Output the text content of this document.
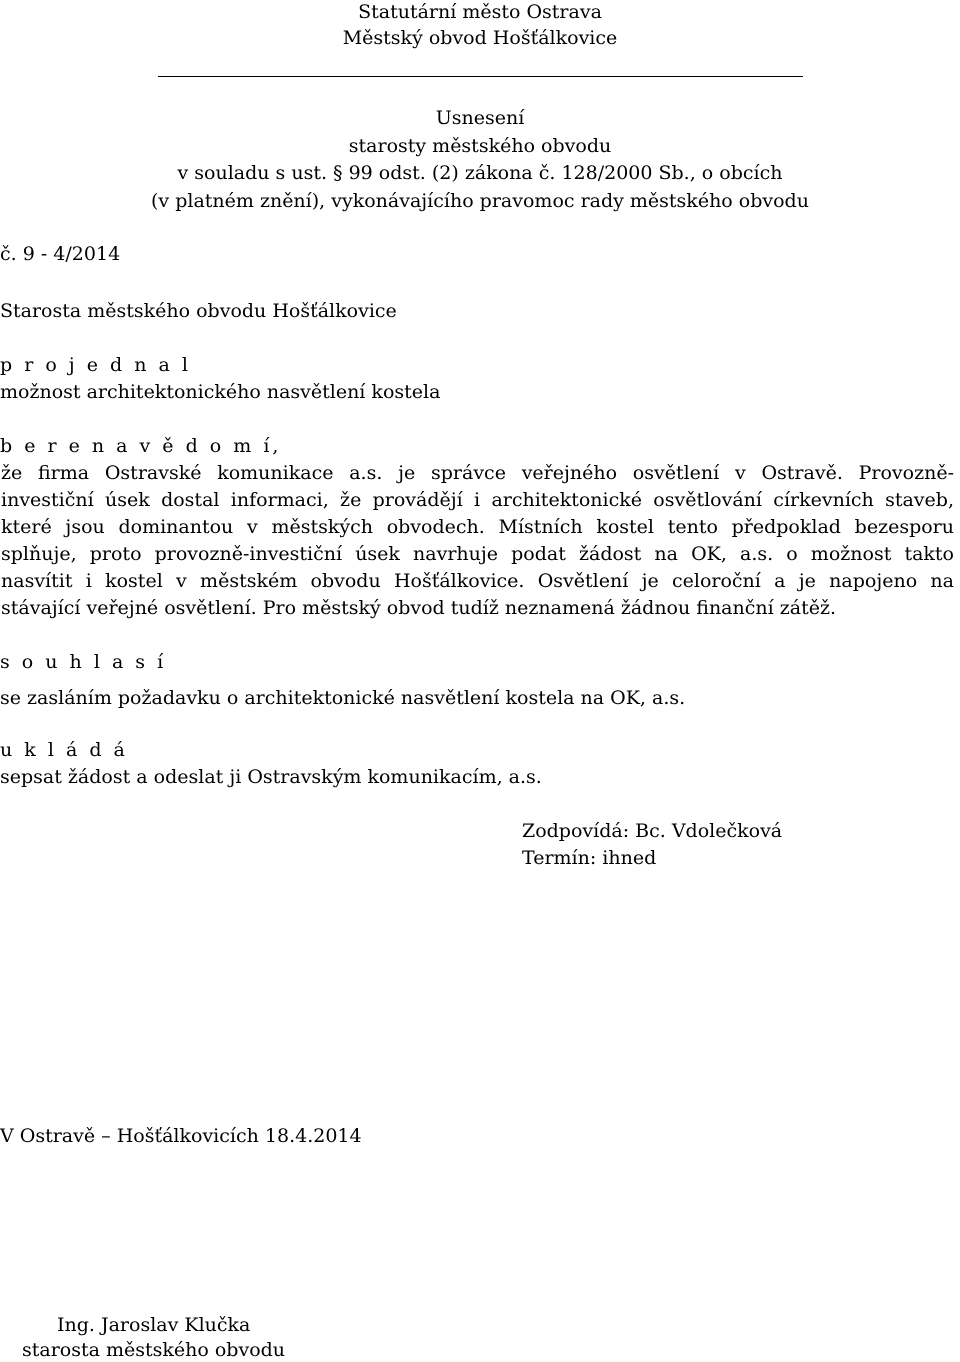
Statutární město Ostrava

Městský obvod Hošťálkovice

Usnesení

starosty městského obvodu

v souladu s ust. § 99 odst. (2) zákona č. 128/2000 Sb., o obcích

(v platném znění), vykonávajícího pravomoc rady městského obvodu

č. 9 - 4/2014

Starosta městského obvodu Hošťálkovice

p r o j e d n a l

možnost architektonického nasvětlení kostela

b e r e n a v ě d o m í,

že firma Ostravské komunikace a.s. je správce veřejného osvětlení v Ostravě. Provozně-

investiční úsek dostal informaci, že provádějí i architektonické osvětlování církevních staveb,

které jsou dominantou v městských obvodech. Místních kostel tento předpoklad bezesporu

splňuje, proto provozně-investiční úsek navrhuje podat žádost na OK, a.s. o možnost takto

nasvítit i kostel v městském obvodu Hošťálkovice. Osvětlení je celoroční a je napojeno na

stávající veřejné osvětlení. Pro městský obvod tudíž neznamená žádnou finanční zátěž.

s o u h l a s í

se zasláním požadavku o architektonické nasvětlení kostela na OK, a.s.

u k l á d á

sepsat žádost a odeslat ji Ostravským komunikacím, a.s.

Zodpovídá: Bc. Vdolečková

Termín: ihned

V Ostravě – Hošťálkovicích 18.4.2014

Ing. Jaroslav Klučka

starosta městského obvodu
